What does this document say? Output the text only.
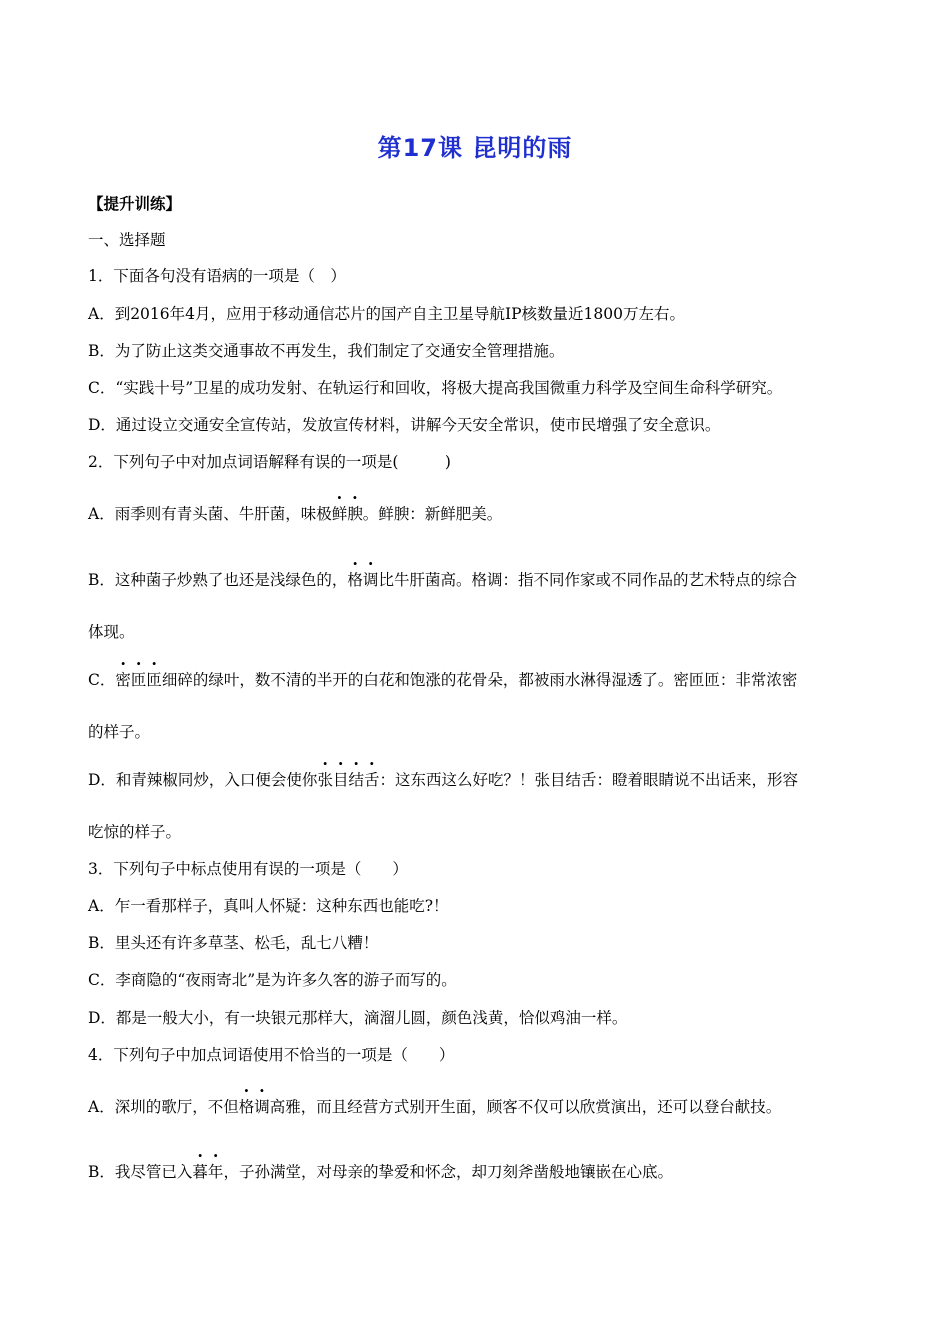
第17课 昆明的雨
【提升训练】
一、选择题
1．下面各句没有语病的一项是（　）
A．到2016年4月，应用于移动通信芯片的国产自主卫星导航IP核数量近1800万左右。
B．为了防止这类交通事故不再发生，我们制定了交通安全管理措施。
C．“实践十号”卫星的成功发射、在轨运行和回收，将极大提高我国微重力科学及空间生命科学研究。
D．通过设立交通安全宣传站，发放宣传材料，讲解今天安全常识，使市民增强了安全意识。
2．下列句子中对加点词语解释有误的一项是(　　　)
A．雨季则有青头菌、牛肝菌，味极鲜腴。鲜腴：新鲜肥美。
B．这种菌子炒熟了也还是浅绿色的，格调比牛肝菌高。格调：指不同作家或不同作品的艺术特点的综合
体现。
C．密匝匝细碎的绿叶，数不清的半开的白花和饱涨的花骨朵，都被雨水淋得湿透了。密匝匝：非常浓密
的样子。
D．和青辣椒同炒，入口便会使你张目结舌：这东西这么好吃？！张目结舌：瞪着眼睛说不出话来，形容
吃惊的样子。
3．下列句子中标点使用有误的一项是（　　）
A．乍一看那样子，真叫人怀疑：这种东西也能吃?！
B．里头还有许多草茎、松毛，乱七八糟！
C．李商隐的“夜雨寄北”是为许多久客的游子而写的。
D．都是一般大小，有一块银元那样大，滴溜儿圆，颜色浅黄，恰似鸡油一样。
4．下列句子中加点词语使用不恰当的一项是（　　）
A．深圳的歌厅，不但格调高雅，而且经营方式别开生面，顾客不仅可以欣赏演出，还可以登台献技。
B．我尽管已入暮年，子孙满堂，对母亲的挚爱和怀念，却刀刻斧凿般地镶嵌在心底。
